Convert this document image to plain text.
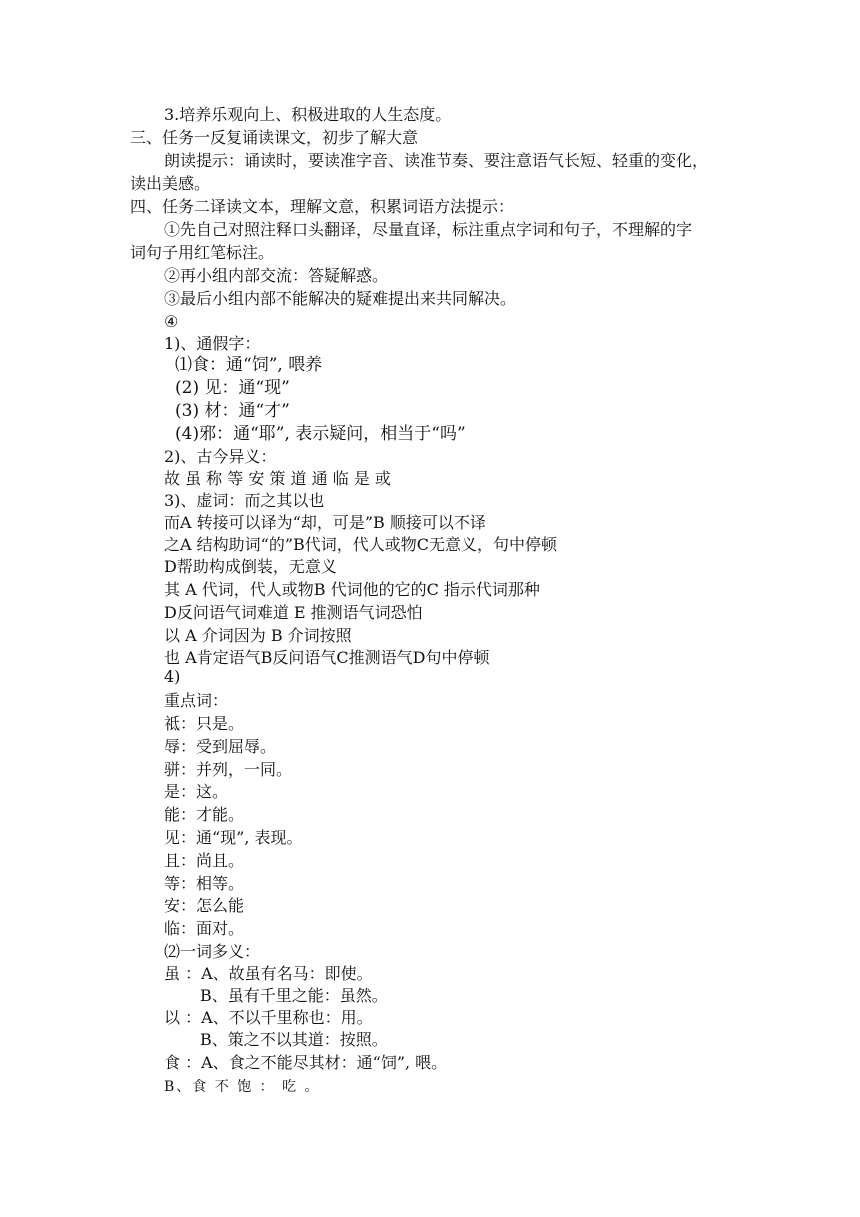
3.培养乐观向上、积极进取的人生态度。
三、任务一反复诵读课文，初步了解大意
朗读提示：诵读时，要读准字音、读准节奏、要注意语气长短、轻重的变化，
读出美感。
四、任务二译读文本，理解文意，积累词语方法提示：
①先自己对照注释口头翻译，尽量直译，标注重点字词和句子，不理解的字
词句子用红笔标注。
②再小组内部交流：答疑解惑。
③最后小组内部不能解决的疑难提出来共同解决。
④
1)、通假字：
⑴食：通“饲”, 喂养
(2) 见：通“现”
(3) 材：通“才”
(4)邪：通“耶”, 表示疑问，相当于“吗”
2)、古今异义：
故 虽 称 等 安 策 道 通 临 是 或
3)、虚词：而之其以也
而A 转接可以译为“却，可是”B 顺接可以不译
之A 结构助词“的”B代词，代人或物C无意义，句中停顿
D帮助构成倒装，无意义
其 A 代词，代人或物B 代词他的它的C 指示代词那种
D反问语气词难道 E 推测语气词恐怕
以 A 介词因为 B 介词按照
也 A肯定语气B反问语气C推测语气D句中停顿
4)
重点词：
祗：只是。
辱：受到屈辱。
骈：并列，一同。
是：这。
能：才能。
见：通“现”, 表现。
且：尚且。
等：相等。
安：怎么能
临：面对。
⑵一词多义：
虽 ：A、故虽有名马：即使。
B、虽有千里之能：虽然。
以 ：A、不以千里称也：用。
B、策之不以其道：按照。
食 ：A、食之不能尽其材：通“饲”, 喂。
B、食 不 饱 ： 吃 。
